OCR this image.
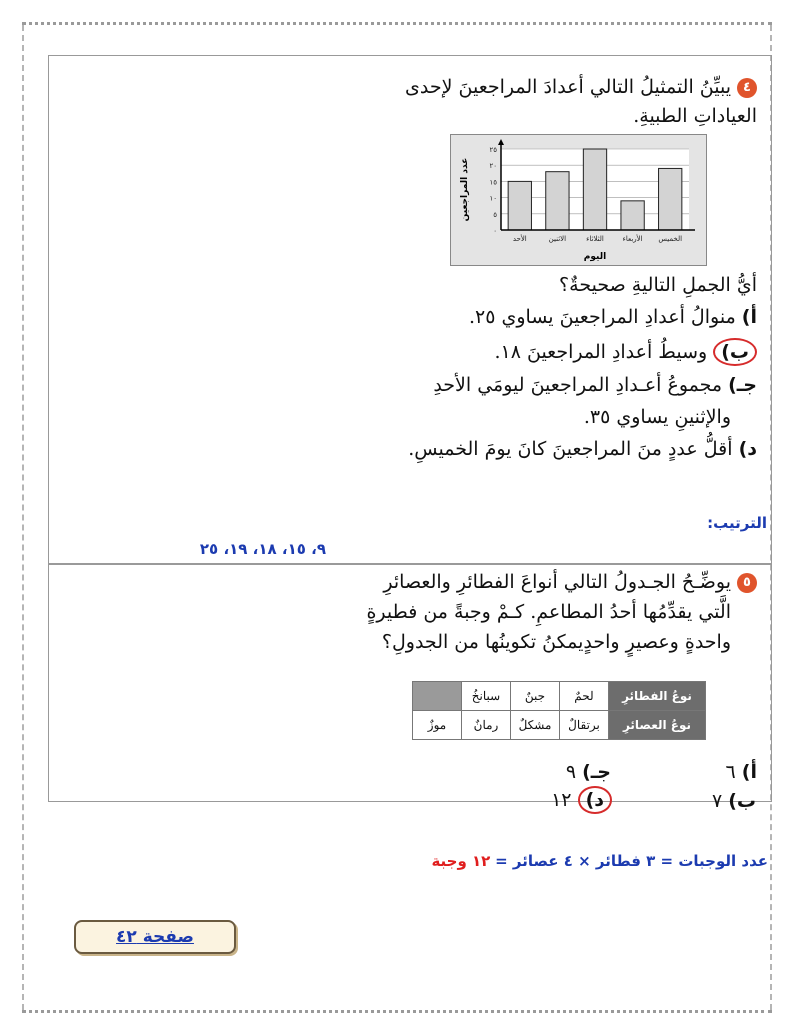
٤يبيِّنُ التمثيلُ التالي أعدادَ المراجعينَ لإحدى
العياداتِ الطبيةِ.
٠
٥
١٠
١٥
٢٠
٢٥
الخميس
الأربعاء
الثلاثاء
الاثنين
الأحد
اليوم
عدد المراجعين
أيُّ الجملِ التاليةِ صحيحةٌ؟
أ) منوالُ أعدادِ المراجعينَ يساوي ٢٥.
ب) وسيطُ أعدادِ المراجعينَ ١٨.
جـ) مجموعُ أعـدادِ المراجعينَ ليومَي الأحدِ
والإثنينِ يساوي ٣٥.
د) أقلُّ عددٍ منَ المراجعينَ كانَ يومَ الخميسِ.
الترتيب:
٩، ١٥، ١٨، ١٩، ٢٥
٥يوضِّـحُ الجـدولُ التالي أنواعَ الفطائرِ والعصائرِ
الَّتي يقدِّمُها أحدُ المطاعمِ. كـمْ وجبةً من فطيرةٍ
واحدةٍ وعصيرٍ واحدٍيمكنُ تكوينُها من الجدولِ؟
نوعُ الفطائرِ	لحمٌ	جبنٌ	سبانخُ	
نوعُ العصائرِ	برتقالٌ	مشكلٌ	رمانٌ	موزٌ
أ) ٦
جـ) ٩
ب) ٧
د) ١٢
عدد الوجبات = ٣ فطائر × ٤ عصائر = ١٢ وجبة
صفحة ٤٢
